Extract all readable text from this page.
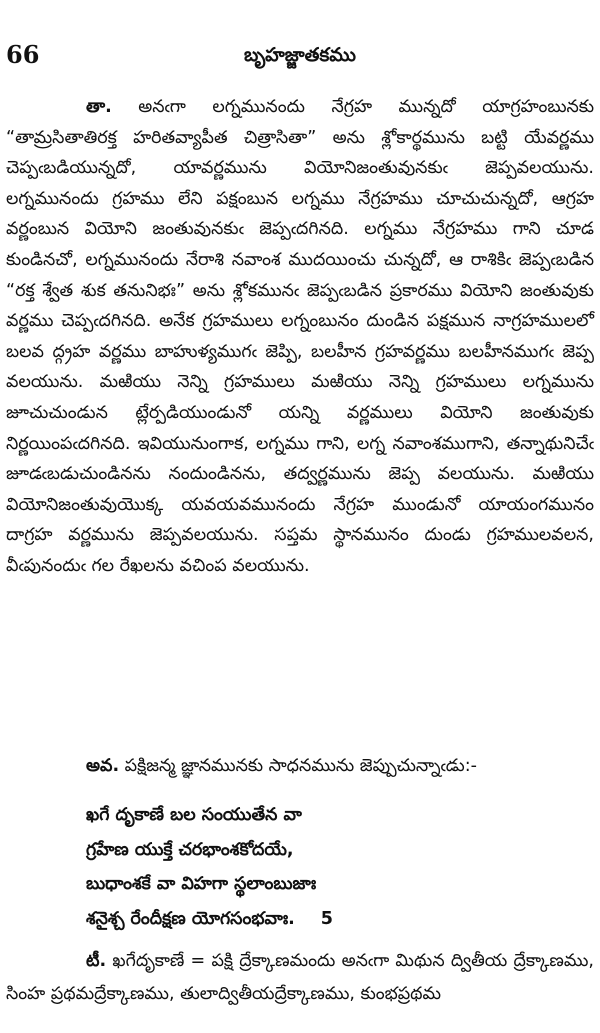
66	బృహజ్జాతకము

తా. అనఁగా లగ్నమునందు నేగ్రహ మున్నదో యాగ్రహంబునకు “తామ్రసితాతిరక్త హరితవ్యాపీత చిత్రాసితా” అను శ్లోకార్థమును బట్టి యేవర్ణము చెప్పఁబడియున్నదో, యావర్ణమును వియోనిజంతువునకుఁ జెప్పవలయును. లగ్నమునందు గ్రహము లేని పక్షంబున లగ్నము నేగ్రహము చూచుచున్నదో, ఆగ్రహ వర్ణంబున వియోని జంతువునకుఁ జెప్పఁదగినది. లగ్నము నేగ్రహము గాని చూడ కుండినచో, లగ్నమునందు నేరాశి నవాంశ ముదయించు చున్నదో, ఆ రాశికిఁ జెప్పఁబడిన “రక్త శ్వేత శుక తనునిభః” అను శ్లోకమునఁ జెప్పఁబడిన ప్రకారము వియోని జంతువుకు వర్ణము చెప్పఁదగినది. అనేక గ్రహములు లగ్నంబునం దుండిన పక్షమున నాగ్రహములలో బలవ ద్గ్రహ వర్ణము బాహుళ్యముగఁ జెప్పి, బలహీన గ్రహవర్ణము బలహీనముగఁ జెప్ప వలయును. మఱియు నెన్ని గ్రహములు మఱియు నెన్ని గ్రహములు లగ్నమును జూచుచుండున ట్లేర్పడియుండునో యన్ని వర్ణములు వియోని జంతువుకు నిర్ణయింపఁదగినది. ఇవియునుంగాక, లగ్నము గాని, లగ్న నవాంశముగాని, తన్నాథునిచేఁ జూడఁబడుచుండినను నందుండినను, తద్వర్ణమును జెప్ప వలయును. మఱియు వియోనిజంతువుయొక్క యవయవమునందు నేగ్రహ ముండునో యాయంగమునం దాగ్రహ వర్ణమును జెప్పవలయును. సప్తమ స్థానమునం దుండు గ్రహములవలన, వీఁపునందుఁ గల రేఖలను వచింప వలయును.

అవ. పక్షిజన్మ జ్ఞానమునకు సాధనమును జెప్పుచున్నాఁడు:-
ఖగే దృకాణే బల సంయుతేన వా
గ్రహేణ యుక్తే చరభాంశకోదయే,
బుధాంశకే వా విహగా స్థలాంబుజాః
శనైశ్చ రేందీక్షణ యోగసంభవాః. 5

టీ. ఖగేదృకాణే = పక్షి ద్రేక్కాణమందు అనఁగా మిథున ద్వితీయ ద్రేక్కాణము, సింహ ప్రథమద్రేక్కాణము, తులాద్వితీయద్రేక్కాణము, కుంభప్రథమ
